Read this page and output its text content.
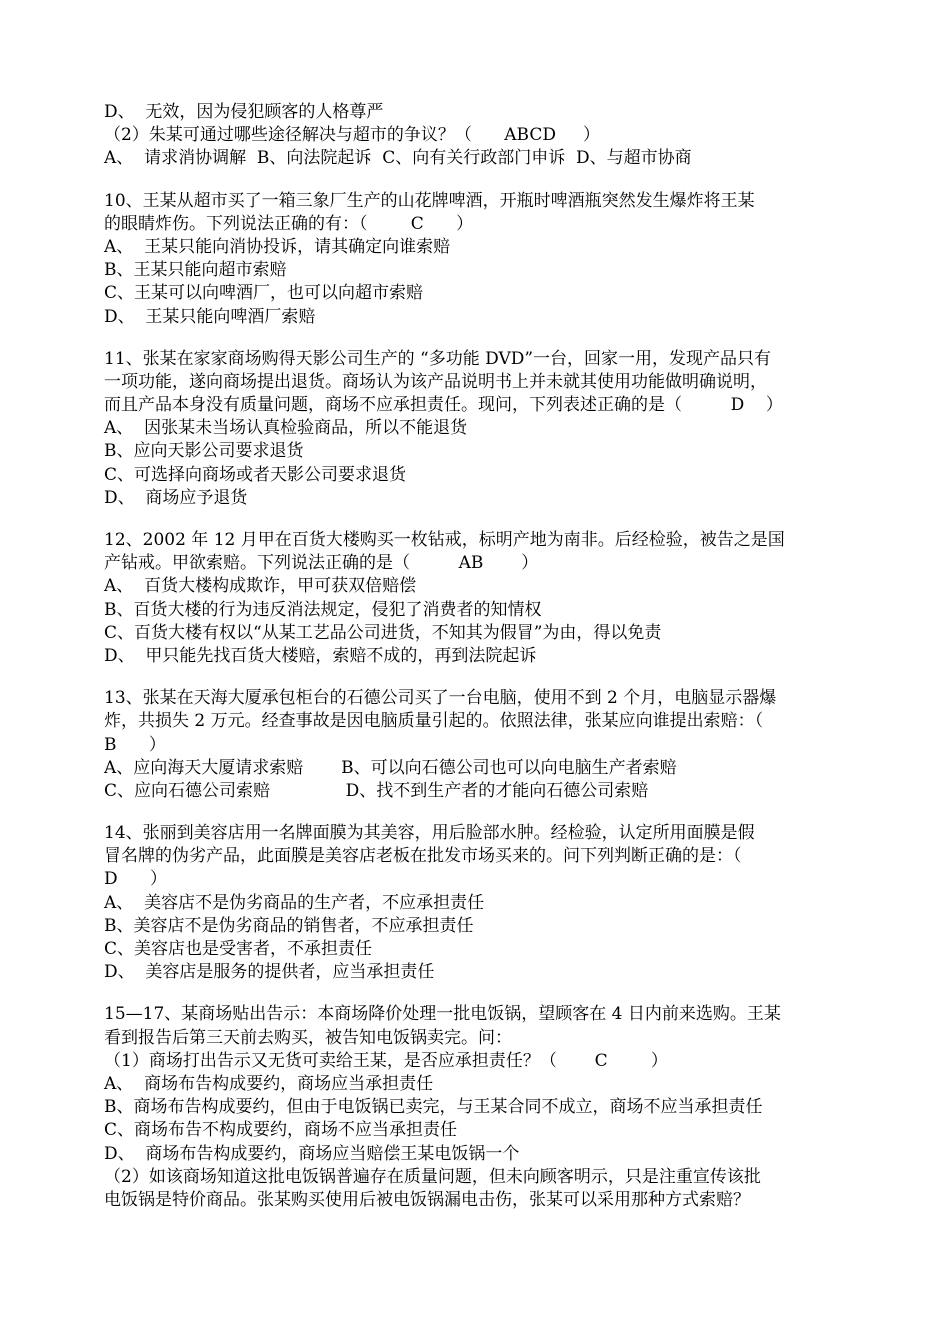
D、  无效，因为侵犯顾客的人格尊严
（2）朱某可通过哪些途径解决与超市的争议？（      ABCD     ）
A、  请求消协调解  B、向法院起诉  C、向有关行政部门申诉  D、与超市协商
10、王某从超市买了一箱三象厂生产的山花牌啤酒，开瓶时啤酒瓶突然发生爆炸将王某
的眼睛炸伤。下列说法正确的有：（        C      ）
A、  王某只能向消协投诉，请其确定向谁索赔
B、王某只能向超市索赔
C、王某可以向啤酒厂，也可以向超市索赔
D、  王某只能向啤酒厂索赔
11、张某在家家商场购得天影公司生产的 “多功能 DVD”一台，回家一用，发现产品只有
一项功能，遂向商场提出退货。商场认为该产品说明书上并未就其使用功能做明确说明，
而且产品本身没有质量问题，商场不应承担责任。现问，下列表述正确的是（         D    ）
A、  因张某未当场认真检验商品，所以不能退货
B、应向天影公司要求退货
C、可选择向商场或者天影公司要求退货
D、  商场应予退货
12、2002 年 12 月甲在百货大楼购买一枚钻戒，标明产地为南非。后经检验，被告之是国
产钻戒。甲欲索赔。下列说法正确的是（         AB       ）
A、  百货大楼构成欺诈，甲可获双倍赔偿
B、百货大楼的行为违反消法规定，侵犯了消费者的知情权
C、百货大楼有权以“从某工艺品公司进货，不知其为假冒”为由，得以免责
D、  甲只能先找百货大楼赔，索赔不成的，再到法院起诉
13、张某在天海大厦承包柜台的石德公司买了一台电脑，使用不到 2 个月，电脑显示器爆
炸，共损失 2 万元。经查事故是因电脑质量引起的。依照法律，张某应向谁提出索赔：（
B      ）
A、应向海天大厦请求索赔       B、可以向石德公司也可以向电脑生产者索赔
C、应向石德公司索赔              D、找不到生产者的才能向石德公司索赔
14、张丽到美容店用一名牌面膜为其美容，用后脸部水肿。经检验，认定所用面膜是假
冒名牌的伪劣产品，此面膜是美容店老板在批发市场买来的。问下列判断正确的是：（
D      ）
A、  美容店不是伪劣商品的生产者，不应承担责任
B、美容店不是伪劣商品的销售者，不应承担责任
C、美容店也是受害者，不承担责任
D、  美容店是服务的提供者，应当承担责任
15—17、某商场贴出告示：本商场降价处理一批电饭锅，望顾客在 4 日内前来选购。王某
看到报告后第三天前去购买，被告知电饭锅卖完。问：
（1）商场打出告示又无货可卖给王某，是否应承担责任？（       C        ）
A、  商场布告构成要约，商场应当承担责任
B、商场布告构成要约，但由于电饭锅已卖完，与王某合同不成立，商场不应当承担责任
C、商场布告不构成要约，商场不应当承担责任
D、  商场布告构成要约，商场应当赔偿王某电饭锅一个
（2）如该商场知道这批电饭锅普遍存在质量问题，但未向顾客明示，只是注重宣传该批
电饭锅是特价商品。张某购买使用后被电饭锅漏电击伤，张某可以采用那种方式索赔？
